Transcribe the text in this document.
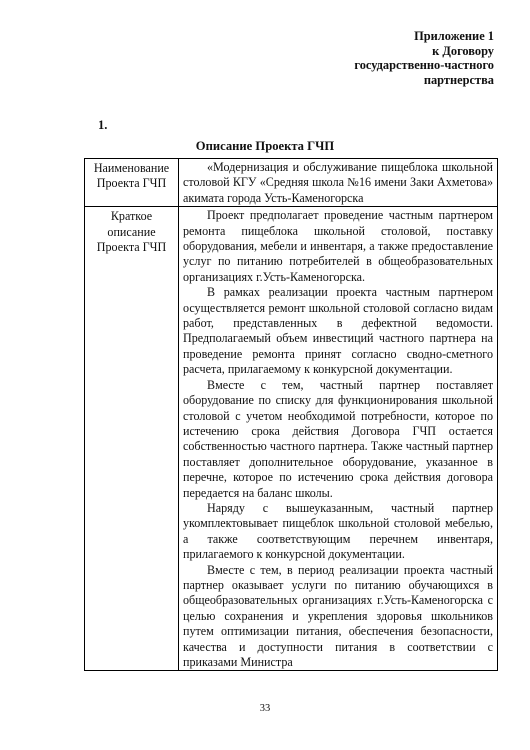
Приложение 1
к Договору
государственно-частного
партнерства
1.
Описание Проекта ГЧП
Наименование Проекта ГЧП	«Модернизация и обслуживание пищеблока школьной столовой КГУ «Средняя школа №16 имени Заки Ахметова» акимата города Усть-Каменогорска

Краткое описание Проекта ГЧП	Проект предполагает проведение частным партнером ремонта пищеблока школьной столовой, поставку оборудования, мебели и инвентаря, а также предоставление услуг по питанию потребителей в общеобразовательных организациях г.Усть-Каменогорска.

В рамках реализации проекта частным партнером осуществляется ремонт школьной столовой согласно видам работ, представленных в дефектной ведомости. Предполагаемый объем инвестиций частного партнера на проведение ремонта принят согласно сводно-сметного расчета, прилагаемому к конкурсной документации.

Вместе с тем, частный партнер поставляет оборудование по списку для функционирования школьной столовой с учетом необходимой потребности, которое по истечению срока действия Договора ГЧП остается собственностью частного партнера. Также частный партнер поставляет дополнительное оборудование, указанное в перечне, которое по истечению срока действия договора передается на баланс школы.

Наряду с вышеуказанным, частный партнер укомплектовывает пищеблок школьной столовой мебелью, а также соответствующим перечнем инвентаря, прилагаемого к конкурсной документации.

Вместе с тем, в период реализации проекта частный партнер оказывает услуги по питанию обучающихся в общеобразовательных организациях г.Усть-Каменогорска с целью сохранения и укрепления здоровья школьников путем оптимизации питания, обеспечения безопасности, качества и доступности питания в соответствии с приказами Министра

33
